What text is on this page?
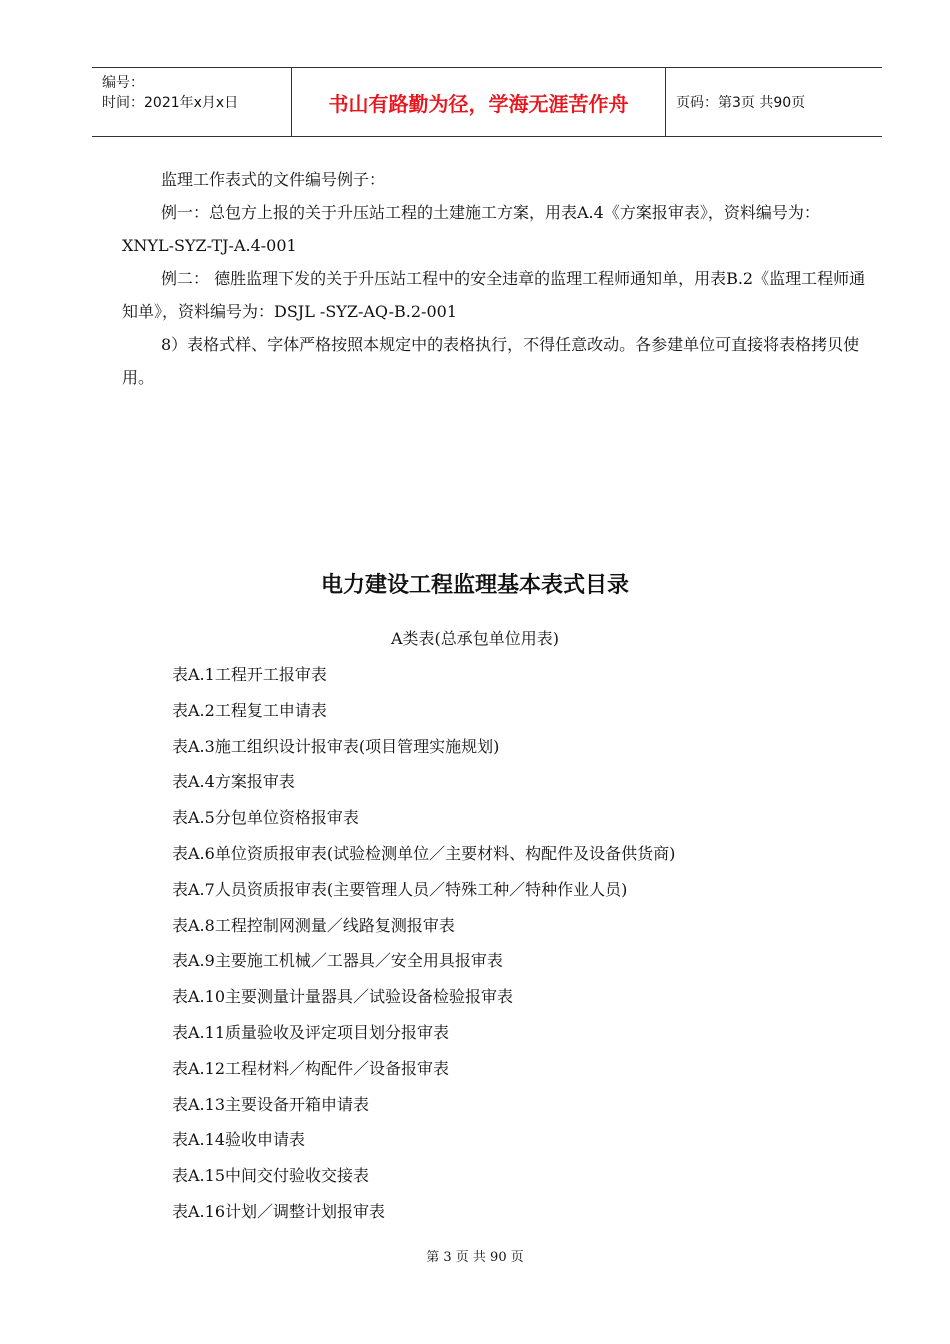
编号：
时间：2021年x月x日	书山有路勤为径，学海无涯苦作舟	页码：第3页 共90页
监理工作表式的文件编号例子：
例一：总包方上报的关于升压站工程的土建施工方案，用表A.4《方案报审表》，资料编号为：XNYL-SYZ-TJ-A.4-001
例二： 德胜监理下发的关于升压站工程中的安全违章的监理工程师通知单，用表B.2《监理工程师通知单》，资料编号为：DSJL -SYZ-AQ-B.2-001
8）表格式样、字体严格按照本规定中的表格执行，不得任意改动。各参建单位可直接将表格拷贝使用。
电力建设工程监理基本表式目录
A类表(总承包单位用表)
表A.1工程开工报审表
表A.2工程复工申请表
表A.3施工组织设计报审表(项目管理实施规划)
表A.4方案报审表
表A.5分包单位资格报审表
表A.6单位资质报审表(试验检测单位／主要材料、构配件及设备供货商)
表A.7人员资质报审表(主要管理人员／特殊工种／特种作业人员)
表A.8工程控制网测量／线路复测报审表
表A.9主要施工机械／工器具／安全用具报审表
表A.10主要测量计量器具／试验设备检验报审表
表A.11质量验收及评定项目划分报审表
表A.12工程材料／构配件／设备报审表
表A.13主要设备开箱申请表
表A.14验收申请表
表A.15中间交付验收交接表
表A.16计划／调整计划报审表
第 3 页 共 90 页
